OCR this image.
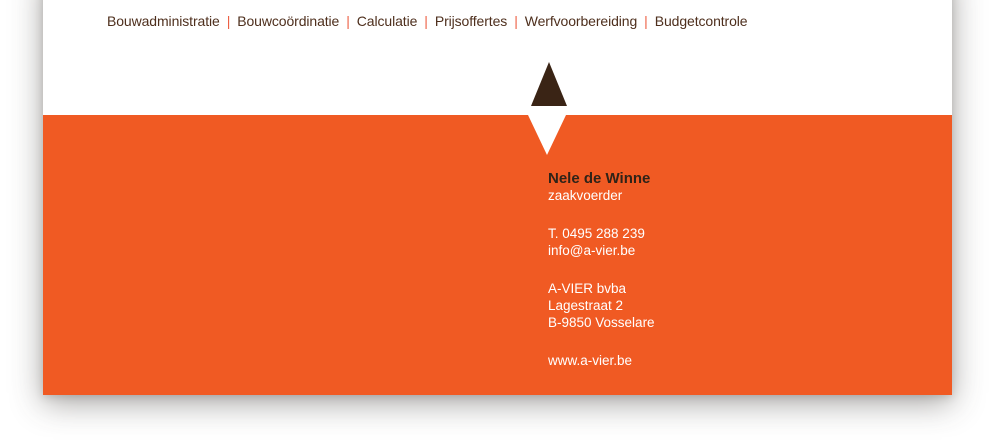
Bouwadministratie | Bouwcoördinatie | Calculatie | Prijsoffertes | Werfvoorbereiding | Budgetcontrole
Nele de Winne
zaakvoerder
T. 0495 288 239
info@a-vier.be
A-VIER bvba
Lagestraat 2
B-9850 Vosselare
www.a-vier.be
